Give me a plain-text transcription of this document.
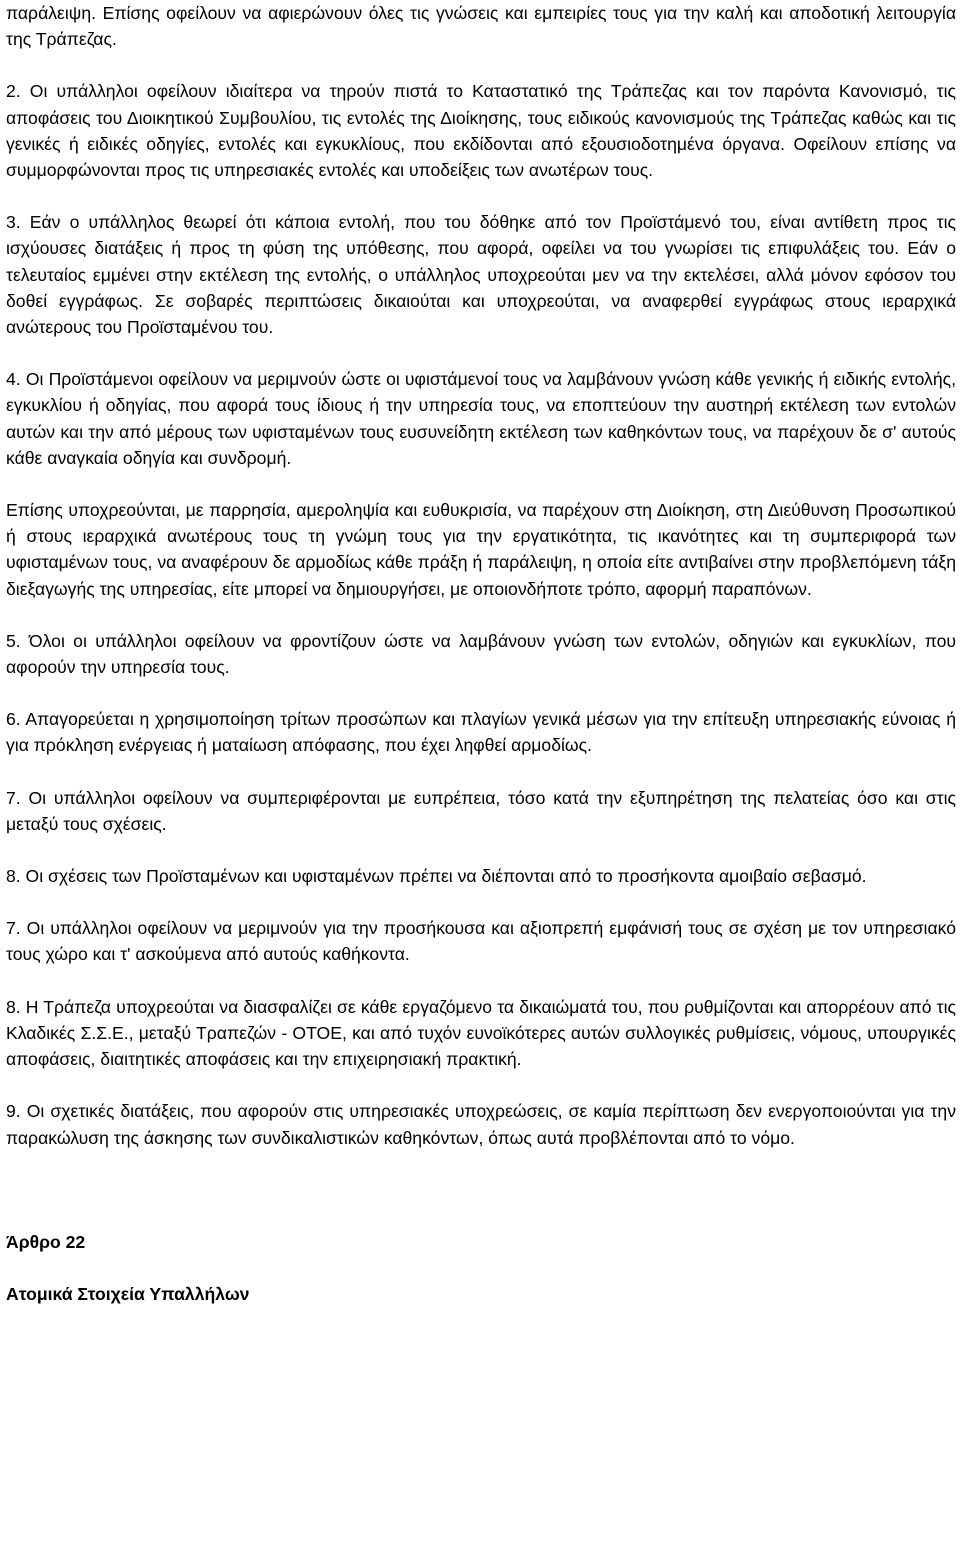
παράλειψη. Επίσης οφείλουν να αφιερώνουν όλες τις γνώσεις και εμπειρίες τους για την καλή και αποδοτική λειτουργία της Τράπεζας.

2. Οι υπάλληλοι οφείλουν ιδιαίτερα να τηρούν πιστά το Καταστατικό της Τράπεζας και τον παρόντα Κανονισμό, τις αποφάσεις του Διοικητικού Συμβουλίου, τις εντολές της Διοίκησης, τους ειδικούς κανονισμούς της Τράπεζας καθώς και τις γενικές ή ειδικές οδηγίες, εντολές και εγκυκλίους, που εκδίδονται από εξουσιοδοτημένα όργανα. Οφείλουν επίσης να συμμορφώνονται προς τις υπηρεσιακές εντολές και υποδείξεις των ανωτέρων τους.

3. Εάν ο υπάλληλος θεωρεί ότι κάποια εντολή, που του δόθηκε από τον Προϊστάμενό του, είναι αντίθετη προς τις ισχύουσες διατάξεις ή προς τη φύση της υπόθεσης, που αφορά, οφείλει να του γνωρίσει τις επιφυλάξεις του. Εάν ο τελευταίος εμμένει στην εκτέλεση της εντολής, ο υπάλληλος υποχρεούται μεν να την εκτελέσει, αλλά μόνον εφόσον του δοθεί εγγράφως. Σε σοβαρές περιπτώσεις δικαιούται και υποχρεούται, να αναφερθεί εγγράφως στους ιεραρχικά ανώτερους του Προϊσταμένου του.

4. Οι Προϊστάμενοι οφείλουν να μεριμνούν ώστε οι υφιστάμενοί τους να λαμβάνουν γνώση κάθε γενικής ή ειδικής εντολής, εγκυκλίου ή οδηγίας, που αφορά τους ίδιους ή την υπηρεσία τους, να εποπτεύουν την αυστηρή εκτέλεση των εντολών αυτών και την από μέρους των υφισταμένων τους ευσυνείδητη εκτέλεση των καθηκόντων τους, να παρέχουν δε σ' αυτούς κάθε αναγκαία οδηγία και συνδρομή.

Επίσης υποχρεούνται, με παρρησία, αμεροληψία και ευθυκρισία, να παρέχουν στη Διοίκηση, στη Διεύθυνση Προσωπικού ή στους ιεραρχικά ανωτέρους τους τη γνώμη τους για την εργατικότητα, τις ικανότητες και τη συμπεριφορά των υφισταμένων τους, να αναφέρουν δε αρμοδίως κάθε πράξη ή παράλειψη, η οποία είτε αντιβαίνει στην προβλεπόμενη τάξη διεξαγωγής της υπηρεσίας, είτε μπορεί να δημιουργήσει, με οποιονδήποτε τρόπο, αφορμή παραπόνων.

5. Όλοι οι υπάλληλοι οφείλουν να φροντίζουν ώστε να λαμβάνουν γνώση των εντολών, οδηγιών και εγκυκλίων, που αφορούν την υπηρεσία τους.

6. Απαγορεύεται η χρησιμοποίηση τρίτων προσώπων και πλαγίων γενικά μέσων για την επίτευξη υπηρεσιακής εύνοιας ή για πρόκληση ενέργειας ή ματαίωση απόφασης, που έχει ληφθεί αρμοδίως.

7. Οι υπάλληλοι οφείλουν να συμπεριφέρονται με ευπρέπεια, τόσο κατά την εξυπηρέτηση της πελατείας όσο και στις μεταξύ τους σχέσεις.

8. Οι σχέσεις των Προϊσταμένων και υφισταμένων πρέπει να διέπονται από το προσήκοντα αμοιβαίο σεβασμό.

7. Οι υπάλληλοι οφείλουν να μεριμνούν για την προσήκουσα και αξιοπρεπή εμφάνισή τους σε σχέση με τον υπηρεσιακό τους χώρο και τ' ασκούμενα από αυτούς καθήκοντα.

8. Η Τράπεζα υποχρεούται να διασφαλίζει σε κάθε εργαζόμενο τα δικαιώματά του, που ρυθμίζονται και απορρέουν από τις Κλαδικές Σ.Σ.Ε., μεταξύ Τραπεζών - ΟΤΟΕ, και από τυχόν ευνοϊκότερες αυτών συλλογικές ρυθμίσεις, νόμους, υπουργικές αποφάσεις, διαιτητικές αποφάσεις και την επιχειρησιακή πρακτική.

9. Οι σχετικές διατάξεις, που αφορούν στις υπηρεσιακές υποχρεώσεις, σε καμία περίπτωση δεν ενεργοποιούνται για την παρακώλυση της άσκησης των συνδικαλιστικών καθηκόντων, όπως αυτά προβλέπονται από το νόμο.

Άρθρο 22

Ατομικά Στοιχεία Υπαλλήλων
